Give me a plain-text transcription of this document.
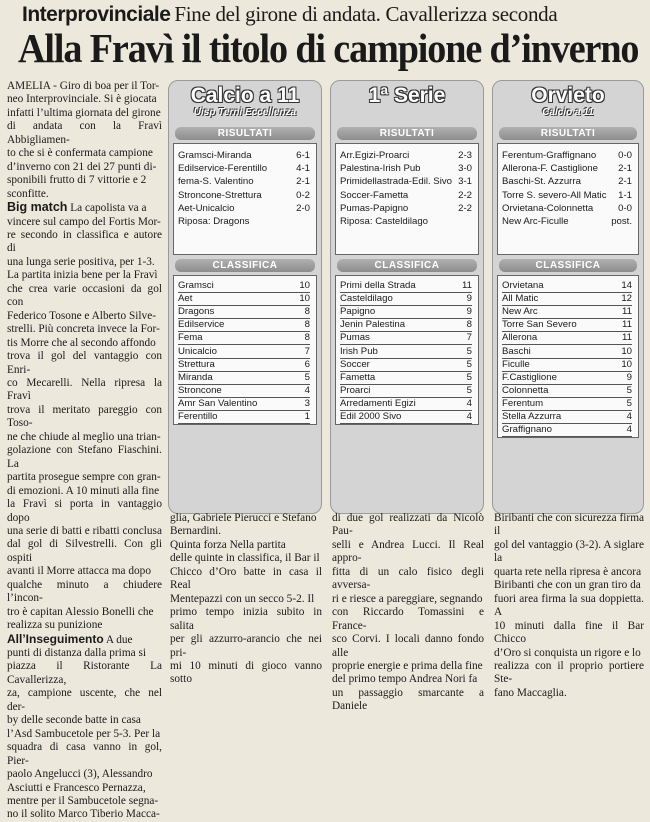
Interprovinciale Fine del girone di andata. Cavallerizza seconda
Alla Fravì il titolo di campione d’inverno
AMELIA - Giro di boa per il Tor-
neo Interprovinciale. Si è giocata
infatti l’ultima giornata del girone
di andata con la Fravì Abbigliamen-
to che si è confermata campione
d’inverno con 21 dei 27 punti di-
sponibili frutto di 7 vittorie e 2
sconfitte.
Big match La capolista va a
vincere sul campo del Fortis Mor-
re secondo in classifica e autore di
una lunga serie positiva, per 1-3.
La partita inizia bene per la Fravì
che crea varie occasioni da gol con
Federico Tosone e Alberto Silve-
strelli. Più concreta invece la For-
tis Morre che al secondo affondo
trova il gol del vantaggio con Enri-
co Mecarelli. Nella ripresa la Fravì
trova il meritato pareggio con Toso-
ne che chiude al meglio una trian-
golazione con Stefano Fiaschini. La
partita prosegue sempre con gran-
di emozioni. A 10 minuti alla fine
la Fravì si porta in vantaggio dopo
una serie di batti e ribatti conclusa
dal gol di Silvestrelli. Con gli ospiti
avanti il Morre attacca ma dopo
qualche minuto a chiudere l’incon-
tro è capitan Alessio Bonelli che
realizza su punizione
All’Inseguimento A due
punti di distanza dalla prima si
piazza il Ristorante La Cavallerizza,
za, campione uscente, che nel der-
by delle seconde batte in casa
l’Asd Sambucetole per 5-3. Per la
squadra di casa vanno in gol, Pier-
paolo Angelucci (3), Alessandro
Asciutti e Francesco Pernazza,
mentre per il Sambucetole segna-
no il solito Marco Tiberio Macca-
Calcio a 11
Uisp Terni Eccellenza
RISULTATI
Gramsci-Miranda	6-1
Edilservice-Ferentillo	4-1
fema-S. Valentino	2-1
Stroncone-Strettura	0-2
Aet-Unicalcio	2-0
Riposa: Dragons
CLASSIFICA
Gramsci	10
Aet	10
Dragons	8
Edilservice	8
Fema	8
Unicalcio	7
Strettura	6
Miranda	5
Stroncone	4
Amr San Valentino	3
Ferentillo	1
1ª Serie
RISULTATI
Arr.Egizi-Proarci	2-3
Palestina-Irish Pub	3-0
Primidellastrada-Edil. Sivo 3-1
Soccer-Fametta	2-2
Pumas-Papigno	2-2
Riposa: Casteldilago
CLASSIFICA
Primi della Strada	11
Casteldilago	9
Papigno	9
Jenin Palestina	8
Pumas	7
Irish Pub	5
Soccer	5
Fametta	5
Proarci	5
Arredamenti Egizi	4
Edil 2000 Sivo	4
Orvieto
Calcio a 11
RISULTATI
Ferentum-Graffignano 0-0
Allerona-F. Castiglione 2-1
Baschi-St. Azzurra	2-1
Torre S. severo-All Matic 1-1
Orvietana-Colonnetta	0-0
New Arc-Ficulle	post.
CLASSIFICA
Orvietana	14
All Matic	12
New Arc	11
Torre San Severo	11
Allerona	11
Baschi	10
Ficulle	10
F.Castiglione	9
Colonnetta	5
Ferentum	5
Stella Azzurra	4
Graffignano	4
glia, Gabriele Pierucci e Stefano
Bernardini.
Quinta forza Nella partita
delle quinte in classifica, il Bar il
Chicco d’Oro batte in casa il Real
Mentepazzi con un secco 5-2. Il
primo tempo inizia subito in salita
per gli azzurro-arancio che nei pri-
mi 10 minuti di gioco vanno sotto
di due gol realizzati da Nicolò Pau-
selli e Andrea Lucci. Il Real appro-
fitta di un calo fisico degli avversa-
ri e riesce a pareggiare, segnando
con Riccardo Tomassini e France-
sco Corvi. I locali danno fondo alle
proprie energie e prima della fine
del primo tempo Andrea Nori fa
un passaggio smarcante a Daniele
Biribanti che con sicurezza firma il
gol del vantaggio (3-2). A siglare la
quarta rete nella ripresa è ancora
Biribanti che con un gran tiro da
fuori area firma la sua doppietta. A
10 minuti dalla fine il Bar Chicco
d’Oro si conquista un rigore e lo
realizza con il proprio portiere Ste-
fano Maccaglia.
